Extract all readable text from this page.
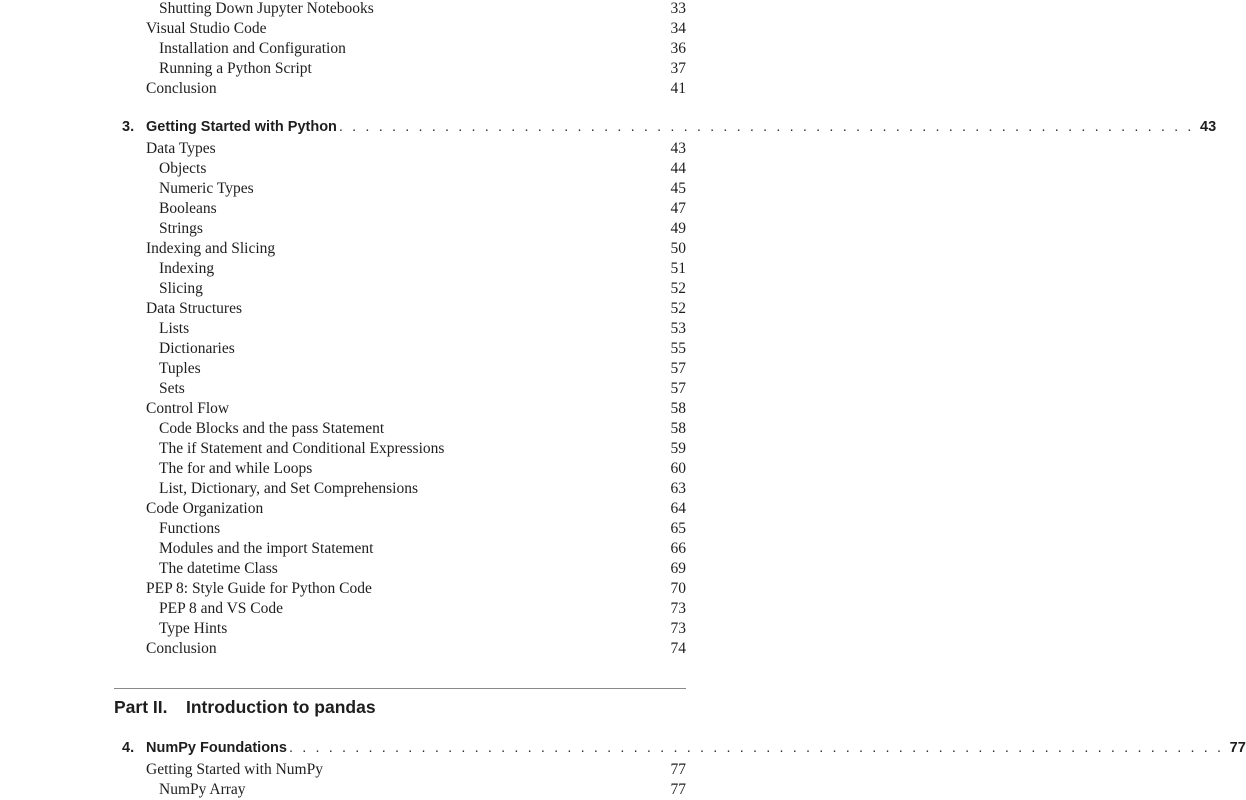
Shutting Down Jupyter Notebooks	33
Visual Studio Code	34
Installation and Configuration	36
Running a Python Script	37
Conclusion	41
3. Getting Started with Python . . . . . . . . . . . . . . . . . . . . . . . . . . . . . . . . . . . . . . . . . . . . . . . . . . . . . . . . . . . . . . . . . 43
Data Types	43
Objects	44
Numeric Types	45
Booleans	47
Strings	49
Indexing and Slicing	50
Indexing	51
Slicing	52
Data Structures	52
Lists	53
Dictionaries	55
Tuples	57
Sets	57
Control Flow	58
Code Blocks and the pass Statement	58
The if Statement and Conditional Expressions	59
The for and while Loops	60
List, Dictionary, and Set Comprehensions	63
Code Organization	64
Functions	65
Modules and the import Statement	66
The datetime Class	69
PEP 8: Style Guide for Python Code	70
PEP 8 and VS Code	73
Type Hints	73
Conclusion	74
Part II. Introduction to pandas
4. NumPy Foundations . . . . . . . . . . . . . . . . . . . . . . . . . . . . . . . . . . . . . . . . . . . . . . . . . . . . . . . . . . . . . . . . . . . . . . . 77
Getting Started with NumPy	77
NumPy Array	77
